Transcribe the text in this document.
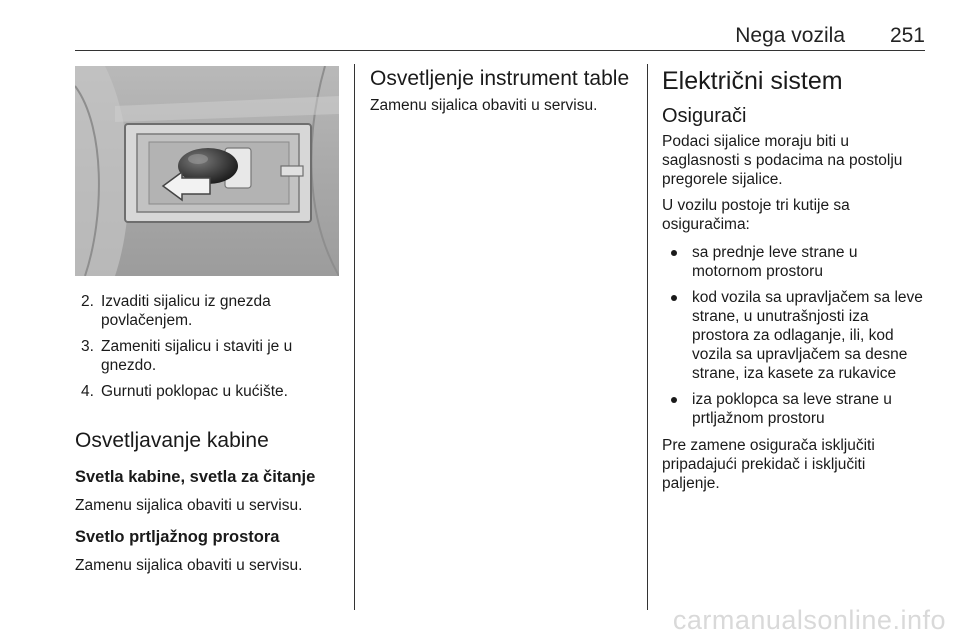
Nega vozila 251
2. Izvaditi sijalicu iz gnezda povlačenjem.
3. Zameniti sijalicu i staviti je u gnezdo.
4. Gurnuti poklopac u kućište.
Osvetljavanje kabine
Svetla kabine, svetla za čitanje

Zamenu sijalica obaviti u servisu.

Svetlo prtljažnog prostora

Zamenu sijalica obaviti u servisu.

Osvetljenje instrument table

Zamenu sijalica obaviti u servisu.

Električni sistem
Osigurači

Podaci sijalice moraju biti u saglasnosti s podacima na postolju pregorele sijalice.

U vozilu postoje tri kutije sa osiguračima:

sa prednje leve strane u motornom prostoru
kod vozila sa upravljačem sa leve strane, u unutrašnjosti iza prostora za odlaganje, ili, kod vozila sa upravljačem sa desne strane, iza kasete za rukavice
iza poklopca sa leve strane u prtljažnom prostoru

Pre zamene osigurača isključiti pripadajući prekidač i isključiti paljenje.

carmanualsonline.info
